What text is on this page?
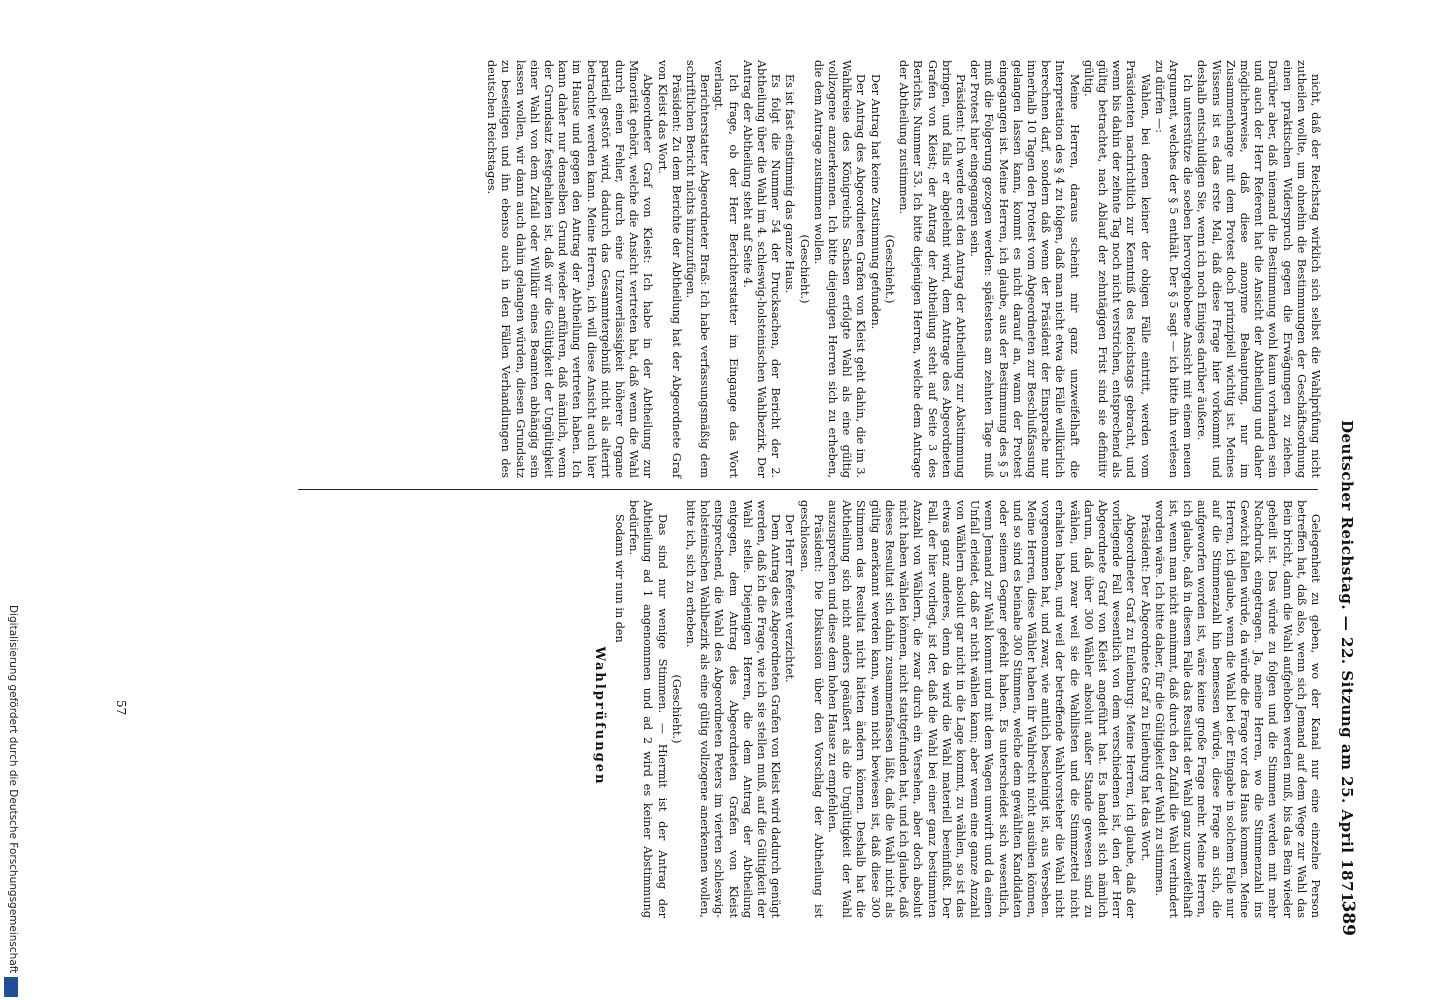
Deutscher Reichstag. — 22. Sitzung am 25. April 1871.
389

nicht, daß der Reichstag wirklich sich selbst die Wahlprüfung nicht zutheilen wollte, um ohnehin die Bestimmungen der Geschäftsordnung einen praktischen Widerspruch gegen die Erwägungen zu ziehen. Darüber aber, daß niemand die Bestimmung wohl kaum vorhanden sein und auch der Herr Referent hat die Ansicht der Abtheilung und daher möglicherweise, daß diese anonyme Behauptung, nur im Zusammenhange mit dem Protest doch prinzipiell wichtig ist. Meines Wissens ist es das erste Mal, daß diese Frage hier vorkommt und deshalb entschuldigen Sie, wenn ich noch Einiges darüber äußere.

Ich unterstütze die soeben hervorgehobene Ansicht mit einem neuen Argument, welches der § 5 enthält. Der § 5 sagt — ich bitte ihn verlesen zu dürfen —:

Wahlen, bei denen keiner der obigen Fälle eintritt, werden vom Präsidenten nachrichtlich zur Kenntniß des Reichstags gebracht, und wenn bis dahin der zehnte Tag noch nicht verstrichen, entsprechend als gültig betrachtet, nach Ablauf der zehntägigen Frist sind sie definitiv gültig.

Meine Herren, daraus scheint mir ganz unzweifelhaft die Interpretation des § 4 zu folgen, daß man nicht etwa die Fälle willkürlich berechnen darf, sondern daß wenn der Präsident der Einsprache nur innerhalb 10 Tagen den Protest vom Abgeordneten zur Beschlußfassung gelangen lassen kann, kommt es nicht darauf an, wann der Protest eingegangen ist. Meine Herren, ich glaube, aus der Bestimmung des § 5 muß die Folgerung gezogen werden: spätestens am zehnten Tage muß der Protest hier eingegangen sein.

Präsident: Ich werde erst den Antrag der Abtheilung zur Abstimmung bringen, und falls er abgelehnt wird, dem Antrage des Abgeordneten Grafen von Kleist; der Antrag der Abtheilung steht auf Seite 3 des Berichts, Nummer 53. Ich bitte diejenigen Herren, welche dem Antrage der Abtheilung zustimmen.

(Geschieht.)

Der Antrag hat keine Zustimmung gefunden.

Der Antrag des Abgeordneten Grafen von Kleist geht dahin, die im 3. Wahlkreise des Königreichs Sachsen erfolgte Wahl als eine gültig vollzogene anzuerkennen. Ich bitte diejenigen Herren sich zu erheben, die dem Antrage zustimmen wollen.

(Geschieht.)

Es ist fast einstimmig das ganze Haus.

Es folgt die Nummer 54 der Drucksachen, der Bericht der 2. Abtheilung über die Wahl im 4. schleswig-holsteinischen Wahlbezirk. Der Antrag der Abtheilung steht auf Seite 4.

Ich frage, ob der Herr Berichterstatter im Eingange das Wort verlangt.

Berichterstatter Abgeordneter Braß: Ich habe verfassungsmäßig dem schriftlichen Bericht nichts hinzuzufügen.

Präsident: Zu dem Berichte der Abtheilung hat der Abgeordnete Graf von Kleist das Wort.

Abgeordneter Graf von Kleist: Ich habe in der Abtheilung zur Minorität gehört, welche die Ansicht vertreten hat, daß wenn die Wahl durch einen Fehler, durch eine Unzuverlässigkeit höherer Organe partiell gestört wird, dadurch das Gesammtergebniß nicht als alterirt betrachtet werden kann. Meine Herren, ich will diese Ansicht auch hier im Hause und gegen den Antrag der Abtheilung vertreten haben. Ich kann daher nur denselben Grund wieder anführen, daß nämlich, wenn der Grundsatz festgehalten ist, daß wir die Gültigkeit der Ungültigkeit einer Wahl von dem Zufall oder Willkür eines Beamten abhängig sein lassen wollen, wir dann auch dahin gelangen würden, diesen Grundsatz zu beseitigen und ihn ebenso auch in den Fällen Verhandlungen des deutschen Reichstages.

Gelegenheit zu geben, wo der Kanal nur eine einzelne Person betreffen hat, daß also, wenn sich Jemand auf dem Wege zur Wahl das Bein bricht, dann die Wahl aufgehoben werden muß, bis das Bein wieder geheilt ist. Das würde zu folgen und die Stimmen werden mit mehr Nachdruck eingetragen. Ja, meine Herren, wo die Stimmenzahl ins Gewicht fallen würde, da würde die Frage vor das Haus kommen. Meine Herren, ich glaube, wenn die Wahl bei der Eingabe in solchem Falle nur auf die Stimmenzahl hin bemessen würde, diese Frage an sich, die aufgeworfen worden ist, wäre keine große Frage mehr. Meine Herren, ich glaube, daß in diesem Falle das Resultat der Wahl ganz unzweifelhaft ist, wenn man nicht annimmt, daß durch den Zufall die Wahl verhindert worden wäre. Ich bitte daher, für die Gültigkeit der Wahl zu stimmen.

Präsident: Der Abgeordnete Graf zu Eulenburg hat das Wort.

Abgeordneter Graf zu Eulenburg: Meine Herren, ich glaube, daß der vorliegende Fall wesentlich von dem verschiedenen ist, den der Herr Abgeordnete Graf von Kleist angeführt hat. Es handelt sich nämlich darum, daß über 300 Wähler absolut außer Stande gewesen sind zu wählen, und zwar weil sie die Wahllisten und die Stimmzettel nicht erhalten haben, und weil der betreffende Wahlvorsteher die Wahl nicht vorgenommen hat, und zwar, wie amtlich bescheinigt ist, aus Versehen. Meine Herren, diese Wähler haben ihr Wahlrecht nicht ausüben können, und so sind es beinahe 300 Stimmen, welche dem gewählten Kandidaten oder seinem Gegner gefehlt haben. Es unterscheidet sich wesentlich, wenn Jemand zur Wahl kommt und mit dem Wagen umwirft und da einen Unfall erleidet, daß er nicht wählen kann; aber wenn eine ganze Anzahl von Wählern absolut gar nicht in die Lage kommt, zu wählen, so ist das etwas ganz anderes, denn da wird die Wahl materiell beeinflußt. Der Fall, der hier vorliegt, ist der, daß die Wahl bei einer ganz bestimmten Anzahl von Wählern, die zwar durch ein Versehen, aber doch absolut nicht haben wählen können, nicht stattgefunden hat, und ich glaube, daß dieses Resultat sich dahin zusammenfassen läßt, daß die Wahl nicht als gültig anerkannt werden kann, wenn nicht bewiesen ist, daß diese 300 Stimmen das Resultat nicht hätten ändern können. Deshalb hat die Abtheilung sich nicht anders geäußert als die Ungültigkeit der Wahl auszusprechen und diese dem hohen Hause zu empfehlen.

Präsident: Die Diskussion über den Vorschlag der Abtheilung ist geschlossen.

Der Herr Referent verzichtet.

Dem Antrag des Abgeordneten Grafen von Kleist wird dadurch genügt werden, daß ich die Frage, wie ich sie stellen muß, auf die Gültigkeit der Wahl stelle. Diejenigen Herren, die dem Antrag der Abtheilung entgegen, dem Antrag des Abgeordneten Grafen von Kleist entsprechend, die Wahl des Abgeordneten Peters im vierten schleswig-holsteinischen Wahlbezirk als eine gültig vollzogene anerkennen wollen, bitte ich, sich zu erheben.

(Geschieht.)

Das sind nur wenige Stimmen. — Hiermit ist der Antrag der Abtheilung ad 1 angenommen und ad 2 wird es keiner Abstimmung bedürfen.

Sodann wir nun in den

Wahlprüfungen

57
Digitalisierung gefördert durch die Deutsche Forschungsgemeinschaft
